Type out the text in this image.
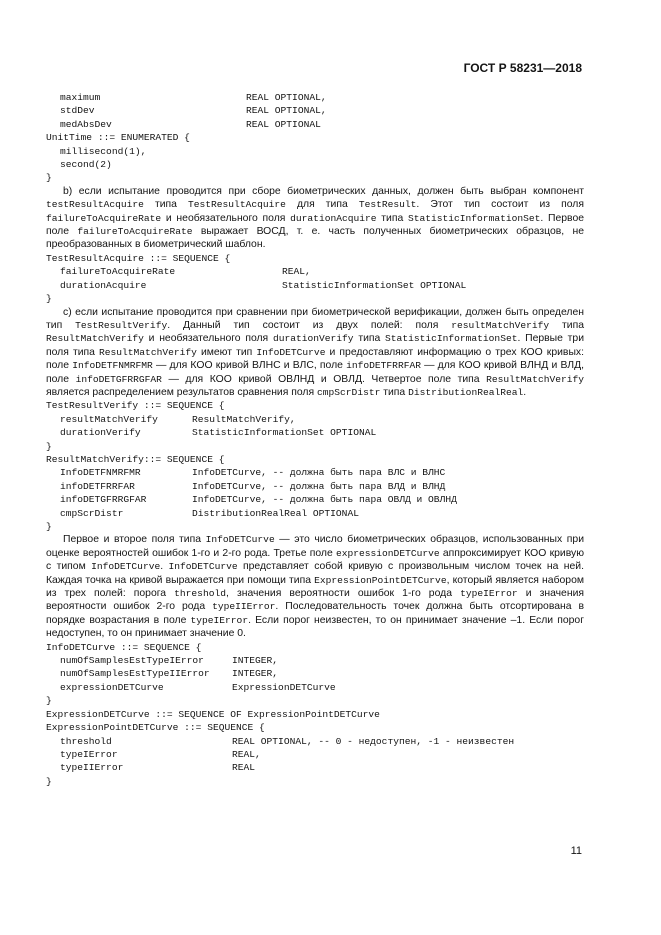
ГОСТ Р 58231—2018
maximum	REAL OPTIONAL,
stdDev	REAL OPTIONAL,
medAbsDev	REAL OPTIONAL
UnitTime ::= ENUMERATED {
millisecond(1),
second(2)
}

b) если испытание проводится при сборе биометрических данных, должен быть выбран компонент testResultAcquire типа TestResultAcquire для типа TestResult. Этот тип состоит из поля failureToAcquireRate и необязательного поля durationAcquire типа StatisticInformationSet. Первое поле failureToAcquireRate выражает ВОСД, т. е. часть полученных биометрических образцов, не преобразованных в биометрический шаблон.

TestResultAcquire ::= SEQUENCE {
failureToAcquireRate	REAL,
durationAcquire	StatisticInformationSet OPTIONAL
}

с) если испытание проводится при сравнении при биометрической верификации, должен быть определен тип TestResultVerify. Данный тип состоит из двух полей: поля resultMatchVerify типа ResultMatchVerify и необязательного поля durationVerify типа StatisticInformationSet. Первые три поля типа ResultMatchVerify имеют тип InfoDETCurve и предоставляют информацию о трех КОО кривых: поле InfoDETFNMRFMR — для КОО кривой ВЛНС и ВЛС, поле infoDETFRRFAR — для КОО кривой ВЛНД и ВЛД, поле infoDETGFRRGFAR — для КОО кривой ОВЛНД и ОВЛД. Четвертое поле типа ResultMatchVerify является распределением результатов сравнения поля cmpScrDistr типа DistributionRealReal.

TestResultVerify ::= SEQUENCE {
resultMatchVerify	ResultMatchVerify,
durationVerify	StatisticInformationSet OPTIONAL
}
ResultMatchVerify::= SEQUENCE {
InfoDETFNMRFMR	InfoDETCurve, -- должна быть пара ВЛС и ВЛНС
infoDETFRRFAR	InfoDETCurve, -- должна быть пара ВЛД и ВЛНД
infoDETGFRRGFAR	InfoDETCurve, -- должна быть пара ОВЛД и ОВЛНД
cmpScrDistr	DistributionRealReal OPTIONAL
}

Первое и второе поля типа InfoDETCurve — это число биометрических образцов, использованных при оценке вероятностей ошибок 1-го и 2-го рода. Третье поле expressionDETCurve аппроксимирует КОО кривую с типом InfoDETCurve. InfoDETCurve представляет собой кривую с произвольным числом точек на ней. Каждая точка на кривой выражается при помощи типа ExpressionPointDETCurve, который является набором из трех полей: порога threshold, значения вероятности ошибок 1-го рода typeIError и значения вероятности ошибок 2-го рода typeIIError. Последовательность точек должна быть отсортирована в порядке возрастания в поле typeIError. Если порог неизвестен, то он принимает значение –1. Если порог недоступен, то он принимает значение 0.

InfoDETCurve ::= SEQUENCE {
numOfSamplesEstTypeIError	INTEGER,
numOfSamplesEstTypeIIError	INTEGER,
expressionDETCurve	ExpressionDETCurve
}
ExpressionDETCurve ::= SEQUENCE OF ExpressionPointDETCurve
ExpressionPointDETCurve ::= SEQUENCE {
threshold	REAL OPTIONAL, -- 0 - недоступен, -1 - неизвестен
typeIError	REAL,
typeIIError	REAL
}
11
